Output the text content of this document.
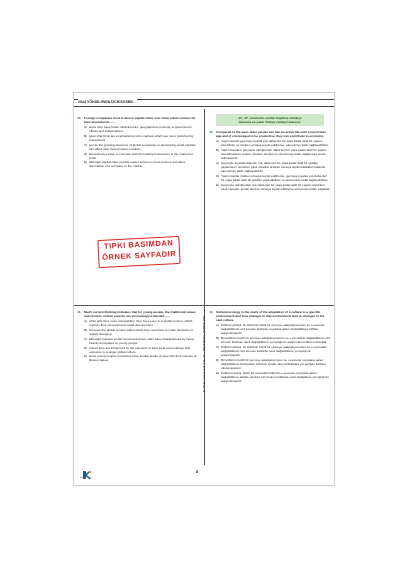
2024 YÖKDİL/İNGİLİZCE/SOSBİL
K-Cem Levin 1 0 1 9 - K - İNDERNAL YAYINLARI
40. Foreign companies tend to favour capital cities over other urban centres for their investments ----.
A) since they have better infrastructure, geographical proximity to government offices and skilled labour
B) given that firms are emphasising micro-markets which are more preferred by researchers
C) just as the growing presence of global companies in developing world capitals can affect their local property markets
D) because they have to compete with the leading businesses in the market for profit
E) although capital cities provide easier access to food sources and allow domination of a company in the market
TIPKI BASIMDAN
ÖRNEK SAYFADIR
42 - 47. sorularda, verilen İngilizce cümleye
anlamca en yakın Türkçe cümleyi bulunuz.
42. Compared to the past, older people can live an active life until a much later age and, if encouraged to be productive, they can contribute to economy.
A) Yaşlı insanlar geçmişe kıyasla çok daha ileri bir yaşa kadar aktif bir yaşam sürebilirler ve üretken olmaya teşvik edilirlerse, ekonomiye katkı sağlayabilirler.
B) Yaşlı insanların geçmişte olduğundan daha ileri bir yaşa kadar aktif bir yaşam sürebilmesinin nedeni, üretken olmaya ve ekonomiye katkı sağlamaya teşvik edilmeleridir.
C) Geçmişle kıyaslandığında, çok daha ileri bir yaşa kadar aktif bir şekilde yaşamlarını sürdüren yaşlı insanlar üretken olmaya teşvik edildikleri takdirde ekonomiye katkı sağlayabilirler.
D) Yaşlı insanlar üretken olmaya teşvik edilirlerse, geçmişe kıyasla çok daha ileri bir yaşa kadar aktif bir şekilde yaşayabilirler ve ekonomiye katkı sağlayabilirler.
E) Geçmişte olduğundan çok daha ileri bir yaşa kadar aktif bir yaşam sürebilen yaşlı insanlar, ancak üretken olmaya teşvik edilirlerse ekonomiye katkı sağlarlar.
41. Much current thinking indicates that for young people, the traditional values and choices of their parents are increasingly irrelevant ----.
A) while girls face more vulnerability, then boys even in a global context, which restricts their personal and social development
B) because the global context within which they now have to make decisions is rapidly changing
C) although massive social movements have often been characterised by being heavily dominated by young people
D) unless they are influenced by the elements of their local surroundings with exposure to a larger global culture
E) since young people sometimes have similar points of view with their parents on shared values
43. Cultural ecology is the study of the adaptation of a culture to a specific environment and how changes in that environment lead to changes in the said culture.
A) Kültürel ekoloji, bir kültürün belirli bir çevreye adaptasyonunun ve o çevrede değişikliklerin söz konusu kültürde meydana gelen değişikliklere birlikte araştırılmasıdır.
B) Bir kültürün belirli bir çevreye adaptasyonunun ve o çevredeki değişikliklerin söz konusu kültürde nasıl değişikliklere yol açtığının araştırması kültürel ekolojidir.
C) Kültürel ekoloji, bir kültürün belirli bir çevreye adaptasyonunun ve o çevredeki değişikliklerin söz konusu kültürde nasıl değişikliklere yol açtığının araştırmasıdır.
D) Bir kültürün belirli bir çevreye adaptasyonunu ve o çevrede meydana gelen değişikliklerin bahsedilen kültürün içinde nasıl farklılıklara yol açtığını kültürel ekoloji araştırır.
E) Kültürel ekoloji, belirli bir çevredeki kültürün o çevrede meydana gelen değişikliklere adapte olurken söz konusu kültürde nasıl değişiklere yol açtığının araştırılmasıdır.
Kadim Yayın
8
